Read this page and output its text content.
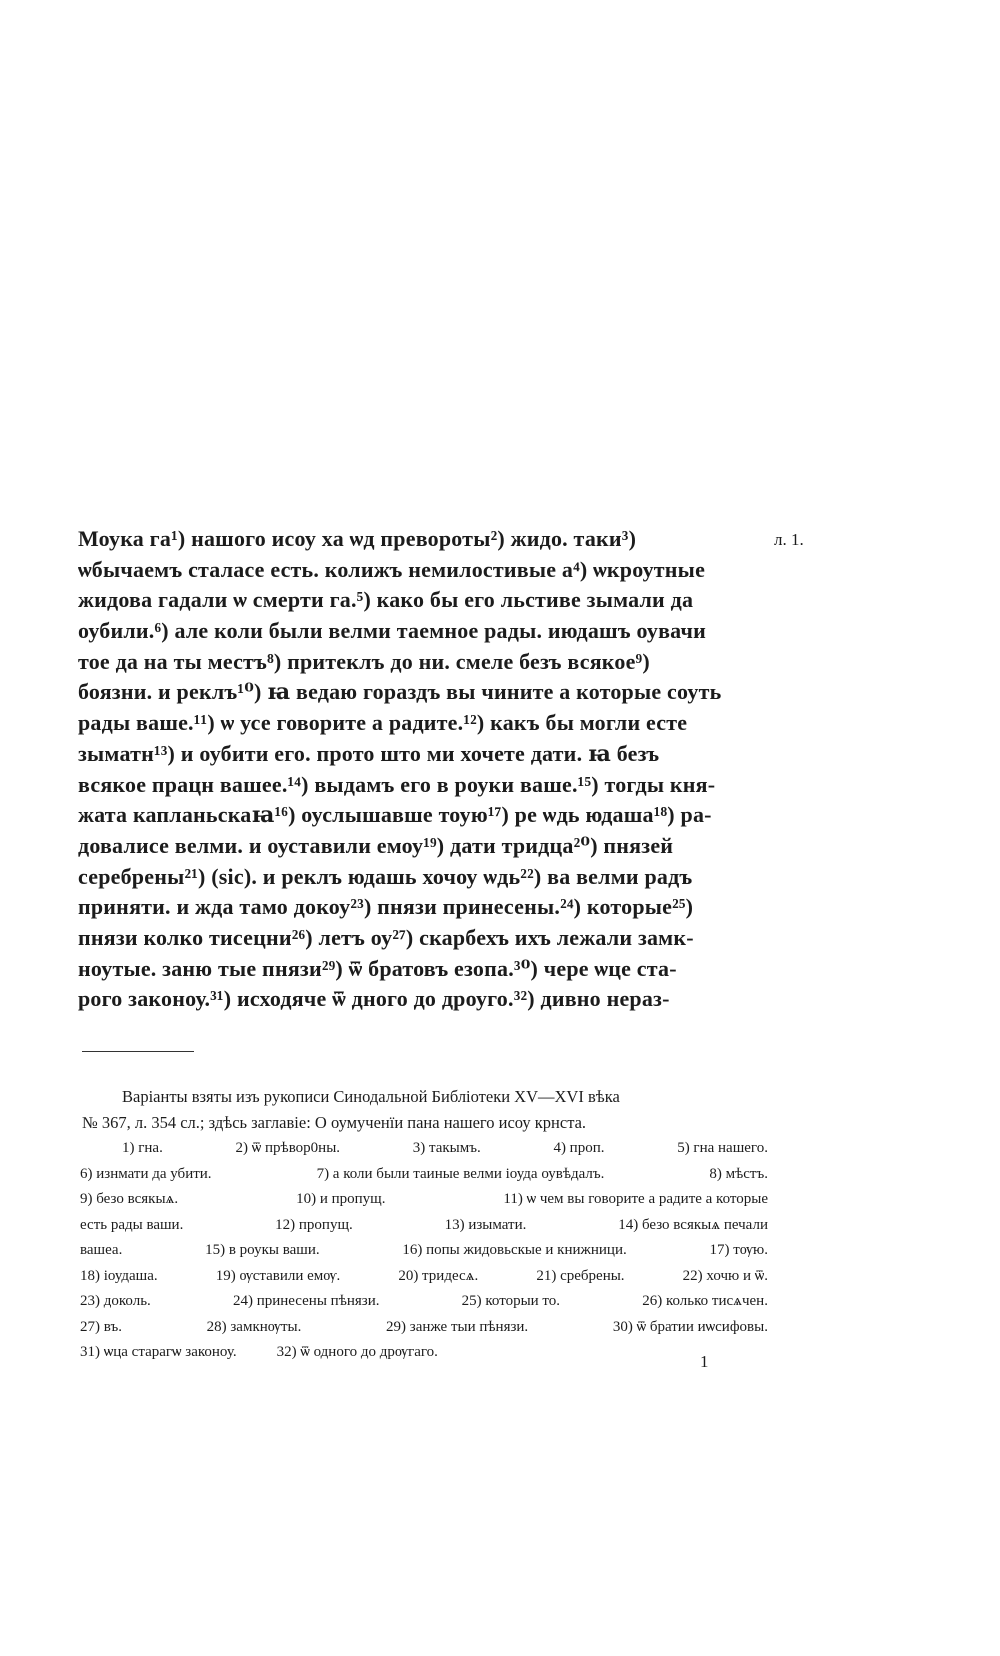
л. 1.
Моука га¹) нашого исоу ха ѡд превороты²) жидо. таки³)
ѡбычаемъ сталасе есть. колижъ немилостивые а⁴) ѡкроутные
жидова гадали ѡ смерти га.⁵) како бы его льстиве зымали да
оубили.⁶) але коли были велми таемное рады. июдашъ оувачи
тое да на ты местъ⁸) притеклъ до ни. смеле безъ всякое⁹)
боязни. и реклъ¹⁰) ꙗ ведаю гораздъ вы чините а которые соуть
рады ваше.¹¹) ѡ усе говорите а радите.¹²) какъ бы могли есте
зыматн¹³) и оубити его. прото што ми хочете дати. ꙗ безъ
всякое працн вашее.¹⁴) выдамъ его в роуки ваше.¹⁵) тогды кня-
жата капланьскаꙗ¹⁶) оуслышавше тоую¹⁷) ре ѡдь юдаша¹⁸) ра-
довалисе велми. и оуставили емоу¹⁹) дати тридца²⁰) пнязей
серебрены²¹) (sic). и реклъ юдашь хочоу ѡдь²²) ва велми радъ
приняти. и жда тамо докоу²³) пнязи принесены.²⁴) которые²⁵)
пнязи колко тисецни²⁶) летъ оу²⁷) скарбехъ ихъ лежали замк-
ноутые. заню тые пнязи²⁹) ѿ братовъ езопа.³⁰) чере ѡце ста-
рого законоу.³¹) исходяче ѿ дного до дроуго.³²) дивно нераз-
Варіанты взяты изъ рукописи Синодальной Библіотеки XV—XVI вѣка
№ 367, л. 354 сл.; здѣсь заглавіе: О оумученїи пана нашего исоу крнста.
1) гна.	2) ѿ прѣвор0ны.	3) такымъ.	4) проп.	5) гна нашего.
6) изнмати да убити.	7) а коли были таиные велми іоуда оувѣдалъ.	8) мѣстъ.
9) безо всякыѧ.	10) и пропущ.	11) ѡ чем вы говорите а радите а которые
есть рады ваши.	12) пропущ.	13) изымати.	14) безо всякыѧ печали
вашеа.	15) в роукы ваши.	16) попы жидовьскые и книжници.	17) тѹю.
18) іоудаша.	19) ѹставили емѹ.	20) тридесѧ.	21) сребрены.	22) хочю и ѿ.
23) доколь.	24) принесены пѣнязи.	25) которыи то.	26) колько тисѧчен.
27) въ.	28) замкнѹты.	29) занже тыи пѣнязи.	30) ѿ братии иѡсифовы.
31) ѡца старагѡ законоу.	32) ѿ одного до дрѹгаго.	1
